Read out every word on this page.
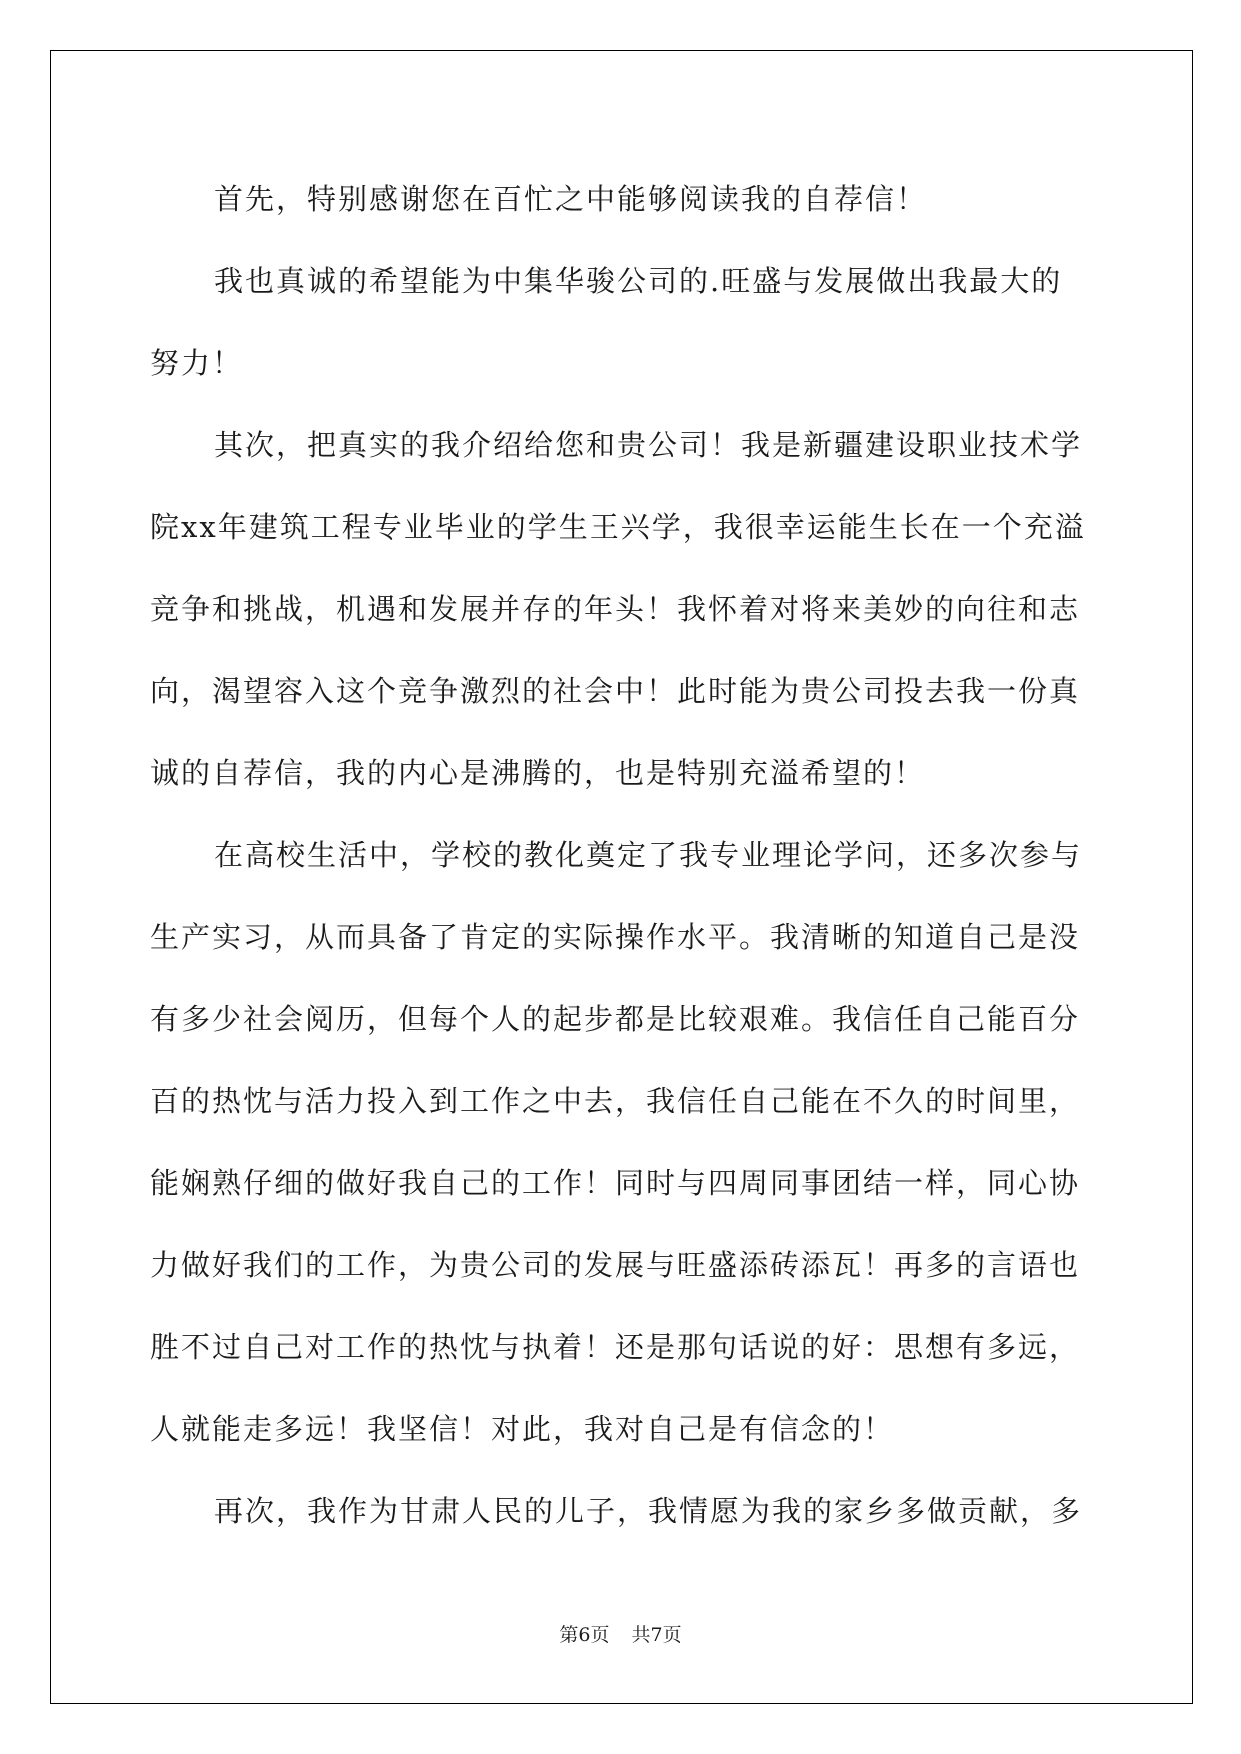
首先，特别感谢您在百忙之中能够阅读我的自荐信！
我也真诚的希望能为中集华骏公司的.旺盛与发展做出我最大的
努力！
其次，把真实的我介绍给您和贵公司！我是新疆建设职业技术学
院xx年建筑工程专业毕业的学生王兴学，我很幸运能生长在一个充溢
竞争和挑战，机遇和发展并存的年头！我怀着对将来美妙的向往和志
向，渴望容入这个竞争激烈的社会中！此时能为贵公司投去我一份真
诚的自荐信，我的内心是沸腾的，也是特别充溢希望的！
在高校生活中，学校的教化奠定了我专业理论学问，还多次参与
生产实习，从而具备了肯定的实际操作水平。我清晰的知道自己是没
有多少社会阅历，但每个人的起步都是比较艰难。我信任自己能百分
百的热忱与活力投入到工作之中去，我信任自己能在不久的时间里，
能娴熟仔细的做好我自己的工作！同时与四周同事团结一样，同心协
力做好我们的工作，为贵公司的发展与旺盛添砖添瓦！再多的言语也
胜不过自己对工作的热忱与执着！还是那句话说的好：思想有多远，
人就能走多远！我坚信！对此，我对自己是有信念的！
再次，我作为甘肃人民的儿子，我情愿为我的家乡多做贡献，多
第6页 共7页
